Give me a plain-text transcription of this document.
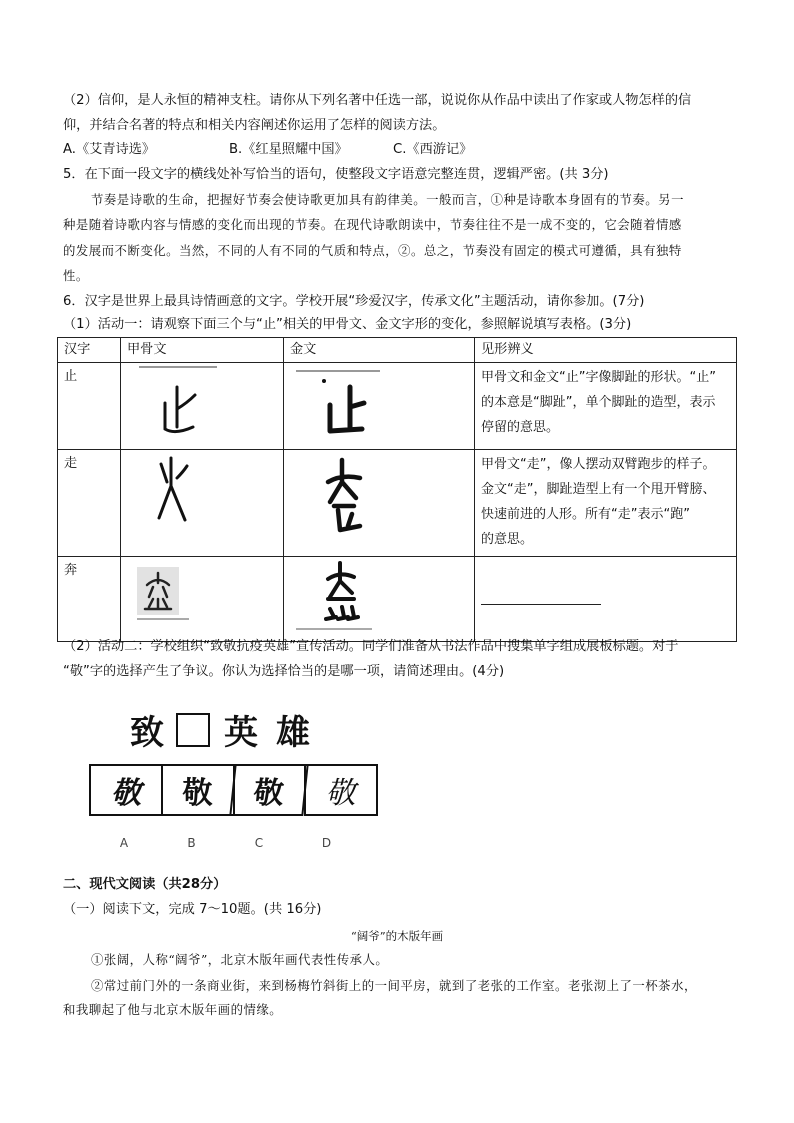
（2）信仰，是人永恒的精神支柱。请你从下列名著中任选一部，说说你从作品中读出了作家或人物怎样的信
仰，并结合名著的特点和相关内容阐述你运用了怎样的阅读方法。
A.《艾青诗选》	B.《红星照耀中国》	C.《西游记》
5．在下面一段文字的横线处补写恰当的语句，使整段文字语意完整连贯，逻辑严密。(共 3分)
节奏是诗歌的生命，把握好节奏会使诗歌更加具有韵律美。一般而言，①种是诗歌本身固有的节奏。另一
种是随着诗歌内容与情感的变化而出现的节奏。在现代诗歌朗读中，节奏往往不是一成不变的，它会随着情感
的发展而不断变化。当然，不同的人有不同的气质和特点，②。总之，节奏没有固定的模式可遵循，具有独特
性。
6．汉字是世界上最具诗情画意的文字。学校开展“珍爱汉字，传承文化”主题活动，请你参加。(7分)
（1）活动一：请观察下面三个与“止”相关的甲骨文、金文字形的变化，参照解说填写表格。(3分)
汉字	甲骨文	金文	见形辨义
止			甲骨文和金文“止”字像脚趾的形状。“止”
的本意是“脚趾”，单个脚趾的造型，表示
停留的意思。

走			甲骨文“走”，像人摆动双臂跑步的样子。
金文“走”，脚趾造型上有一个甩开臂膀、
快速前进的人形。所有“走”表示“跑”
的意思。

奔			
（2）活动二：学校组织“致敬抗疫英雄”宣传活动。同学们准备从书法作品中搜集单字组成展板标题。对于
“敬”字的选择产生了争议。你认为选择恰当的是哪一项，请简述理由。(4分)
致 英雄
敬	敬	敬	敬
A	B	C	D
二、现代文阅读（共28分）
（一）阅读下文，完成 7～10题。(共 16分)
“阔爷”的木版年画
①张阔，人称“阔爷”，北京木版年画代表性传承人。
②常过前门外的一条商业街，来到杨梅竹斜街上的一间平房，就到了老张的工作室。老张沏上了一杯茶水，
和我聊起了他与北京木版年画的情缘。
